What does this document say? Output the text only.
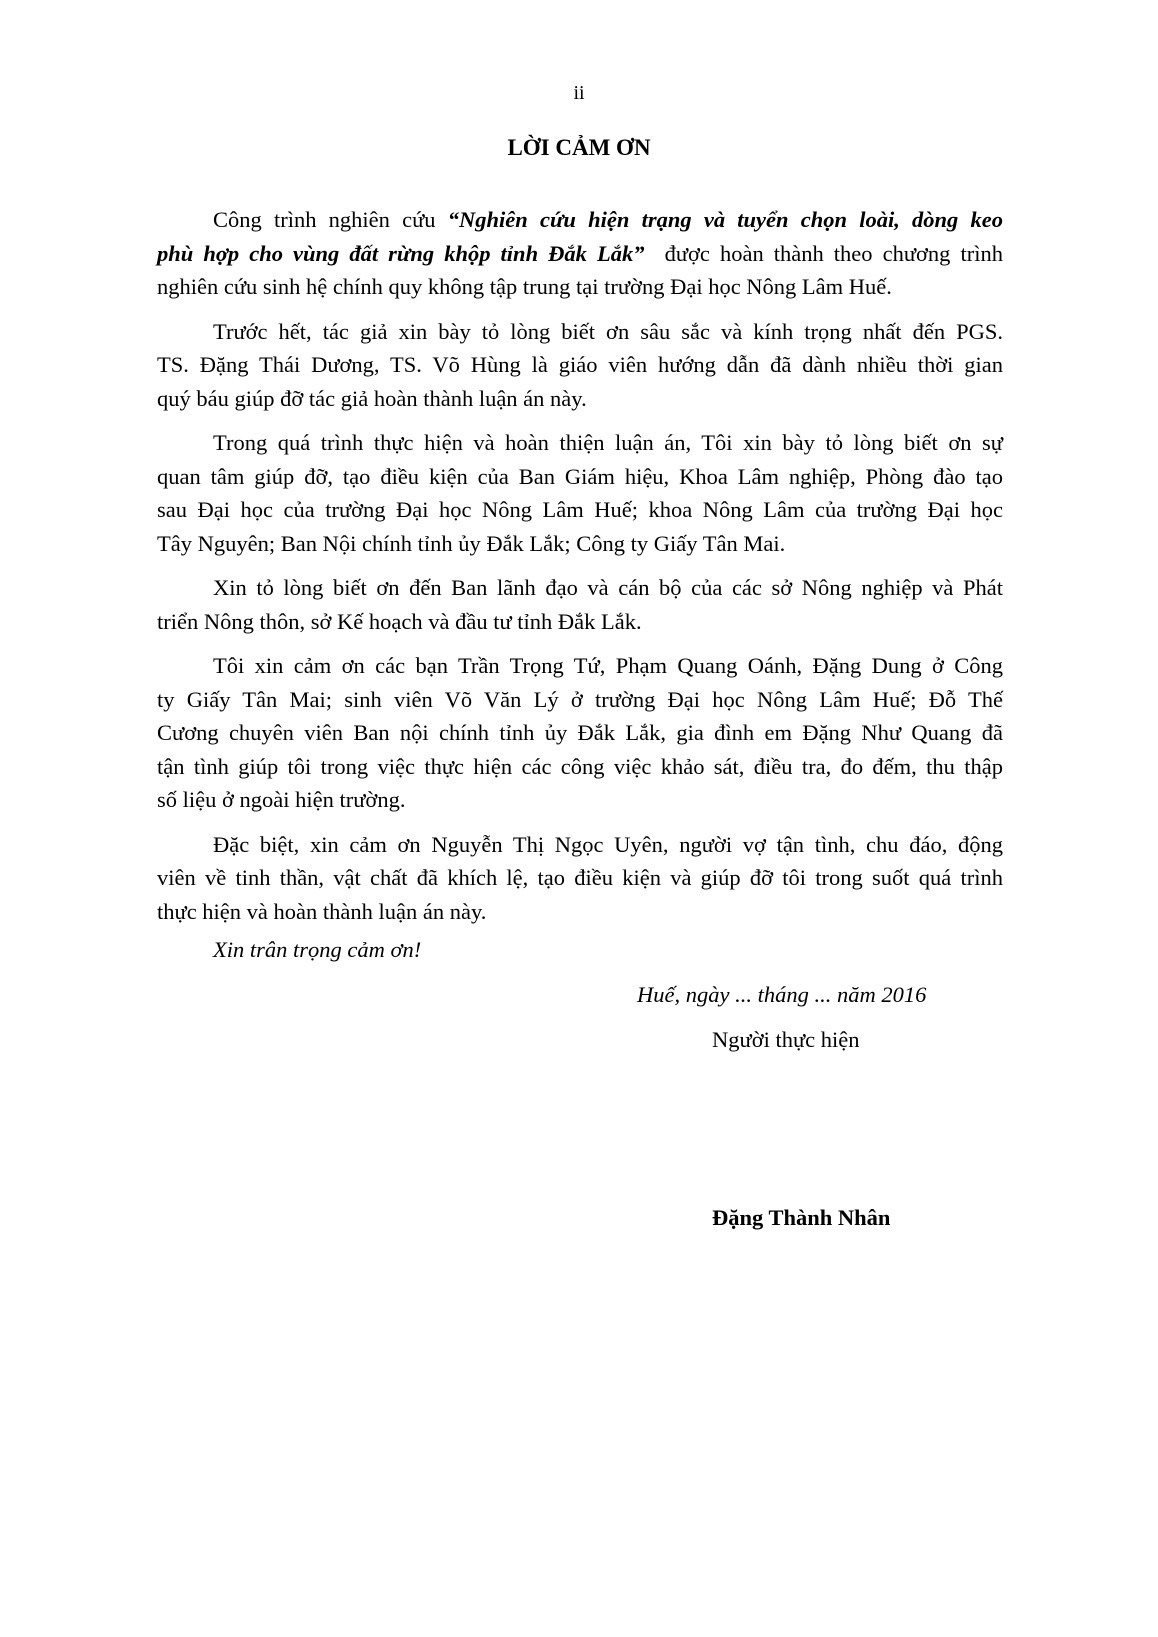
ii
LỜI CẢM ƠN
Công trình nghiên cứu “Nghiên cứu hiện trạng và tuyển chọn loài, dòng keo
phù hợp cho vùng đất rừng khộp tỉnh Đắk Lắk”  được hoàn thành theo chương trình
nghiên cứu sinh hệ chính quy không tập trung tại trường Đại học Nông Lâm Huế.
Trước hết, tác giả xin bày tỏ lòng biết ơn sâu sắc và kính trọng nhất đến PGS.
TS. Đặng Thái Dương, TS. Võ Hùng là giáo viên hướng dẫn đã dành nhiều thời gian
quý báu giúp đỡ tác giả hoàn thành luận án này.
Trong quá trình thực hiện và hoàn thiện luận án, Tôi xin bày tỏ lòng biết ơn sự
quan tâm giúp đỡ, tạo điều kiện của Ban Giám hiệu, Khoa Lâm nghiệp, Phòng đào tạo
sau Đại học của trường Đại học Nông Lâm Huế; khoa Nông Lâm của trường Đại học
Tây Nguyên; Ban Nội chính tỉnh ủy Đắk Lắk; Công ty Giấy Tân Mai.
Xin tỏ lòng biết ơn đến Ban lãnh đạo và cán bộ của các sở Nông nghiệp và Phát
triển Nông thôn, sở Kế hoạch và đầu tư tỉnh Đắk Lắk.
Tôi xin cảm ơn các bạn Trần Trọng Tứ, Phạm Quang Oánh, Đặng Dung ở Công
ty Giấy Tân Mai; sinh viên Võ Văn Lý ở trường Đại học Nông Lâm Huế; Đỗ Thế
Cương chuyên viên Ban nội chính tỉnh ủy Đắk Lắk, gia đình em Đặng Như Quang đã
tận tình giúp tôi trong việc thực hiện các công việc khảo sát, điều tra, đo đếm, thu thập
số liệu ở ngoài hiện trường.
Đặc biệt, xin cảm ơn Nguyễn Thị Ngọc Uyên, người vợ tận tình, chu đáo, động
viên về tinh thần, vật chất đã khích lệ, tạo điều kiện và giúp đỡ tôi trong suốt quá trình
thực hiện và hoàn thành luận án này.
Xin trân trọng cảm ơn!
Huế, ngày ... tháng ... năm 2016
Người thực hiện
Đặng Thành Nhân
